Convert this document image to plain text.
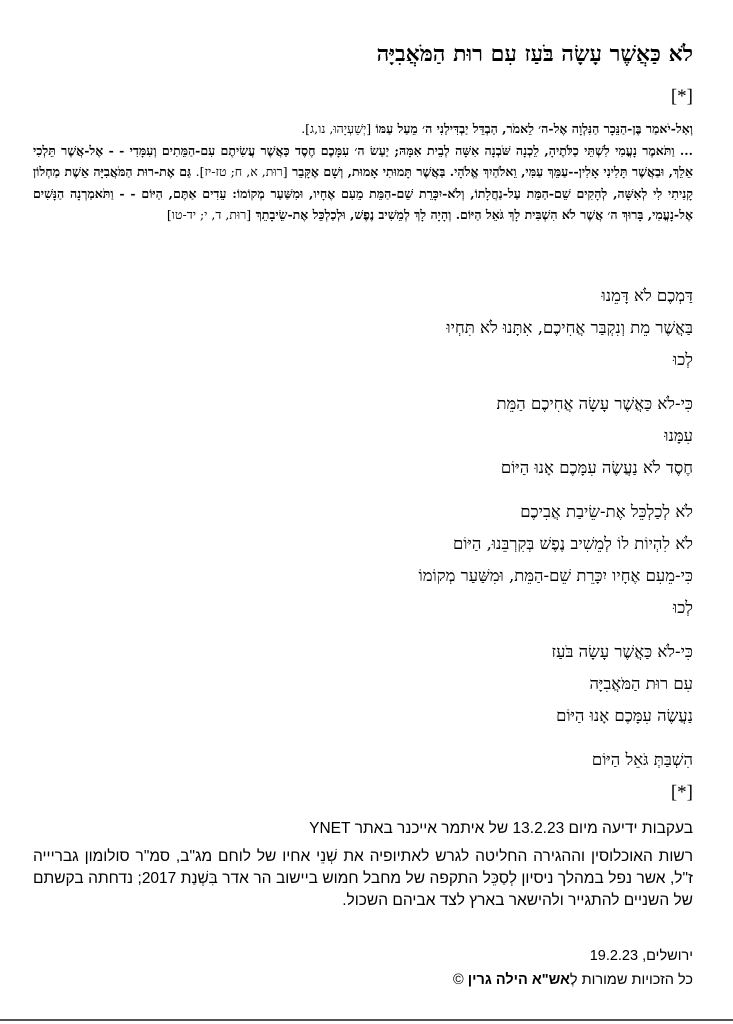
לֹא כַּאֲשֶׁר עָשָׂה בֹּעַז עִם רוּת הַמֹּאֲבִיָּה
[*]

וְאַל-יֹאמַר בֶּן-הַנֵּכָר הַנִּלְוָה אֶל-ה׳ לֵאמֹר, הַבְדֵּל יַבְדִּילַנִי ה׳ מֵעַל עַמּוֹ [יְשַׁעְיָהוּ, נו,ג].

... וַתֹּאמֶר נָעֳמִי לִשְׁתֵּי כַלֹּתֶיהָ, לֵכְנָה שֹּׁבְנָה אִשָּׁה לְבֵית אִמָּהּ; יַעַשׂ ה׳ עִמָּכֶם חֶסֶד כַּאֲשֶׁר עֲשִׂיתֶם עִם-הַמֵּתִים וְעִמָּדִי - - אֶל-אֲשֶׁר תֵּלְכִי אֵלֵךְ, וּבַאֲשֶׁר תָּלִינִי אָלִין--עַמֵּךְ עַמִּי, וֵאלֹהַיִךְ אֱלֹהָי. בַּאֲשֶׁר תָּמוּתִי אָמוּת, וְשָׁם אֶקָּבֵר [רוּת, א, ח; טז-יז]. גַּם אֶת-רוּת הַמֹּאֲבִיָּה אֵשֶׁת מַחְלוֹן קָנִיתִי לִי לְאִשָּׁה, לְהָקִים שֵׁם-הַמֵּת עַל-נַחֲלָתוֹ, וְלֹא-יִכָּרֵת שֵׁם-הַמֵּת מֵעִם אֶחָיו, וּמִשַּׁעַר מְקוֹמוֹ: עֵדִים אַתֶּם, הַיּוֹם - - וַתֹּאמַרְנָה הַנָּשִׁים אֶל-נָעֳמִי, בָּרוּךְ ה׳ אֲשֶׁר לֹא הִשְׁבִּית לָךְ גֹּאֵל הַיּוֹם. וְהָיָה לָךְ לְמֵשִׁיב נֶפֶשׁ, וּלְכַלְכֵּל אֶת-שֵׂיבָתֵךְ [רוּת, ד, י; יד-טו]

דַּמְכֶם לֹא דָּמֵנוּ
בַּאֲשֶׁר מֵת וְנִקְבַּר אֲחִיכֶם, אִתָּנוּ לֹא תִּחְיוּ
לְכוּ
כִּי-לֹא כַּאֲשֶׁר עָשָׂה אֲחִיכֶם הַמֵּת
עִמָּנוּ
חֶסֶד לֹא נַעֲשֶׂה עִמָּכֶם אָנוּ הַיּוֹם
לֹא לְכַלְכֵּל אֶת-שֵׂיבַת אֲבִיכֶם
לֹא לִהְיוֹת לוֹ לְמֵשִׁיב נֶפֶשׁ בְּקִרְבֵּנוּ, הַיּוֹם
כִּי-מֵעִם אֶחָיו יִכָּרֵת שֵׁם-הַמֵּת, וּמִשַּׁעַר מְקוֹמוֹ
לְכוּ
כִּי-לֹא כַּאֲשֶׁר עָשָׂה בֹּעַז
עִם רוּת הַמֹּאֲבִיָּה
נַעֲשֶׂה עִמָּכֶם אָנוּ הַיּוֹם
הִשְׁבַּתְּ גֹּאֵל הַיּוֹם
[*]

בעקבות ידיעה מיום 13.2.23 של איתמר אייכנר באתר YNET

רשות האוכלוסין וההגירה החליטה לגרש לאתיופיה את שְׁנֵי אחיו של לוחם מג"ב, סמ"ר סולומון גבריייה ז"ל, אשר נפל במהלך ניסיון לְסַכֵּל התקפה של מחבל חמוש ביישוב הר אדר בִּשְׁנַת 2017; נדחתה בקשתם של השניים להתגייר ולהישאר בארץ לצד אביהם השכול.

ירושלים, 19.2.23
כל הזכויות שמורות לְאש"א הילה גרין ©
